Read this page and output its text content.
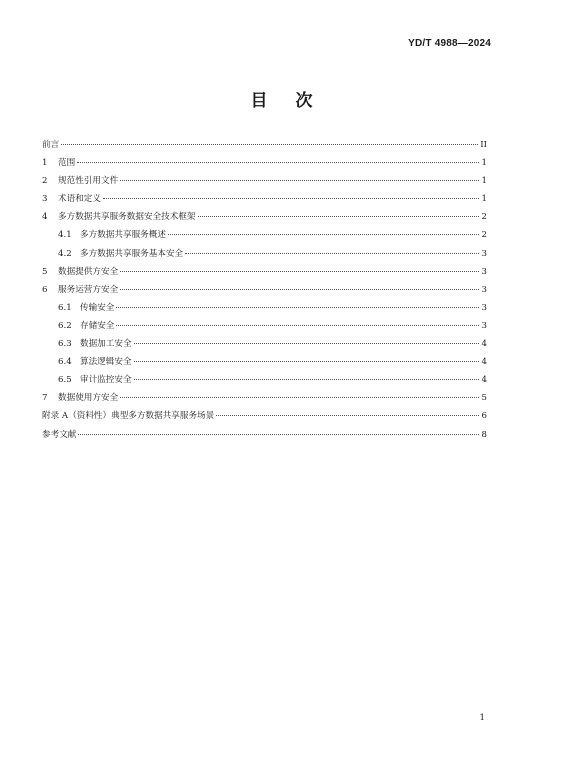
YD/T 4988—2024
目 次
前言	II
1	范围	1
2	规范性引用文件	1
3	术语和定义	1
4	多方数据共享服务数据安全技术框架	2
4.1 多方数据共享服务概述	2
4.2 多方数据共享服务基本安全	3
5	数据提供方安全	3
6	服务运营方安全	3
6.1 传输安全	3
6.2 存储安全	3
6.3 数据加工安全	4
6.4 算法逻辑安全	4
6.5 审计监控安全	4
7	数据使用方安全	5
附录 A（资料性）典型多方数据共享服务场景	6
参考文献	8
1
